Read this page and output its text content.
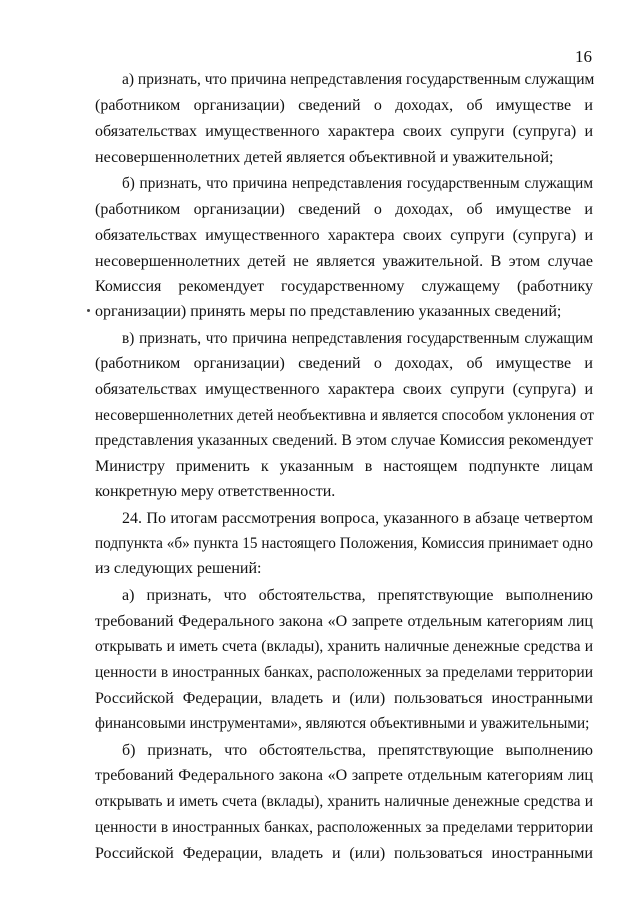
16
а) признать, что причина непредставления государственным служащим
(работником организации) сведений о доходах, об имуществе и
обязательствах имущественного характера своих супруги (супруга) и
несовершеннолетних детей является объективной и уважительной;
б) признать, что причина непредставления государственным служащим
(работником организации) сведений о доходах, об имуществе и
обязательствах имущественного характера своих супруги (супруга) и
несовершеннолетних детей не является уважительной. В этом случае
Комиссия рекомендует государственному служащему (работнику
организации) принять меры по представлению указанных сведений;
в) признать, что причина непредставления государственным служащим
(работником организации) сведений о доходах, об имуществе и
обязательствах имущественного характера своих супруги (супруга) и
несовершеннолетних детей необъективна и является способом уклонения от
представления указанных сведений. В этом случае Комиссия рекомендует
Министру применить к указанным в настоящем подпункте лицам
конкретную меру ответственности.
24. По итогам рассмотрения вопроса, указанного в абзаце четвертом
подпункта «б» пункта 15 настоящего Положения, Комиссия принимает одно
из следующих решений:
а) признать, что обстоятельства, препятствующие выполнению
требований Федерального закона «О запрете отдельным категориям лиц
открывать и иметь счета (вклады), хранить наличные денежные средства и
ценности в иностранных банках, расположенных за пределами территории
Российской Федерации, владеть и (или) пользоваться иностранными
финансовыми инструментами», являются объективными и уважительными;
б) признать, что обстоятельства, препятствующие выполнению
требований Федерального закона «О запрете отдельным категориям лиц
открывать и иметь счета (вклады), хранить наличные денежные средства и
ценности в иностранных банках, расположенных за пределами территории
Российской Федерации, владеть и (или) пользоваться иностранными
